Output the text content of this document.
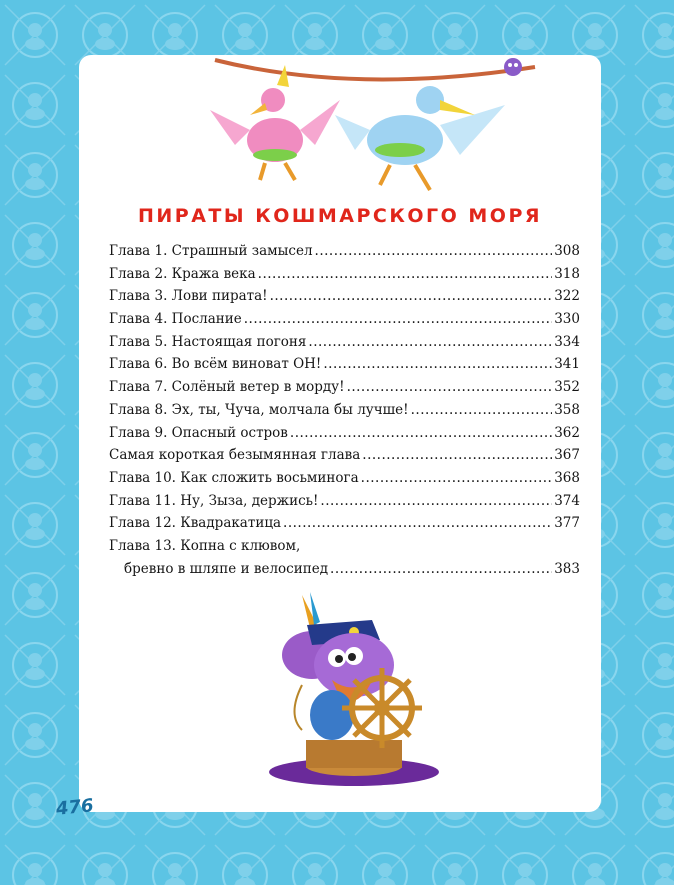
ПИРАТЫ КОШМАРСКОГО МОРЯ
Глава 1. Страшный замысел .....	308
Глава 2. Кража века .....	318
Глава 3. Лови пирата! .....	322
Глава 4. Послание .....	330
Глава 5. Настоящая погоня .....	334
Глава 6. Во всём виноват ОН! .....	341
Глава 7. Солёный ветер в морду! .....	352
Глава 8. Эх, ты, Чуча, молчала бы лучше! .....	358
Глава 9. Опасный остров .....	362
Самая короткая безымянная глава .....	367
Глава 10. Как сложить восьминога .....	368
Глава 11. Ну, Зыза, держись! .....	374
Глава 12. Квадракатица .....	377
Глава 13. Копна с клювом,
бревно в шляпе и велосипед .....	383
476
